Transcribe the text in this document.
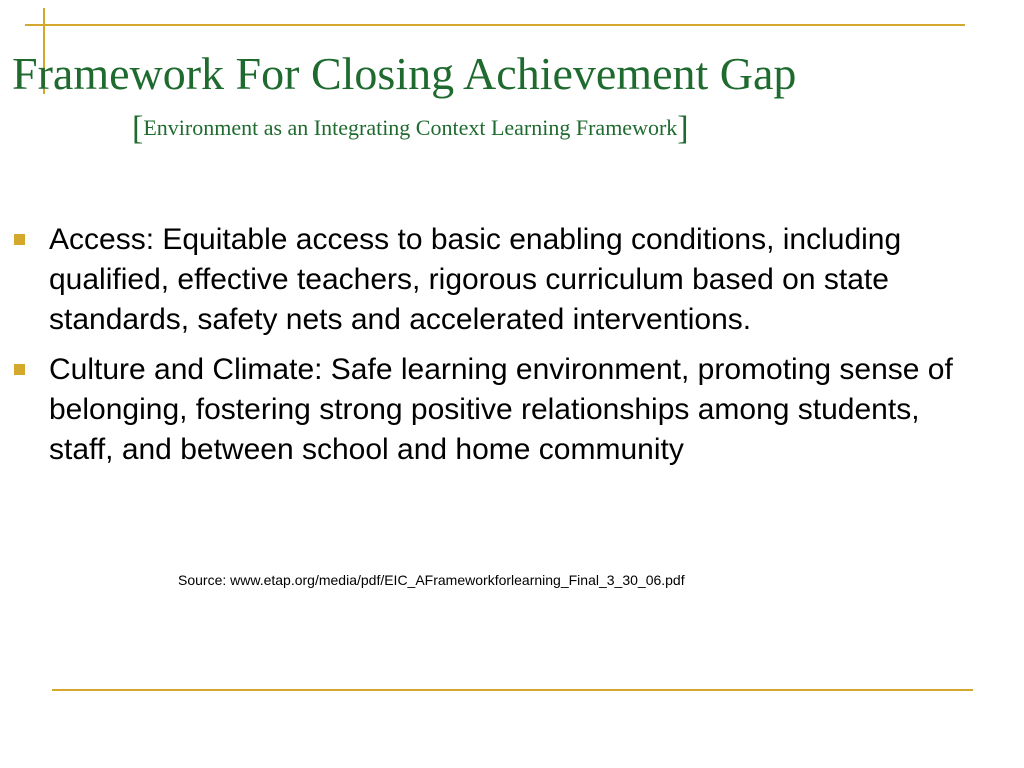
Framework For Closing Achievement Gap

[Environment as an Integrating Context Learning Framework]

Access: Equitable access to basic enabling conditions, including qualified, effective teachers, rigorous curriculum based on state standards, safety nets and accelerated interventions.
Culture and Climate: Safe learning environment, promoting sense of belonging, fostering strong positive relationships among students, staff, and between school and home community

Source: www.etap.org/media/pdf/EIC_AFrameworkforlearning_Final_3_30_06.pdf
